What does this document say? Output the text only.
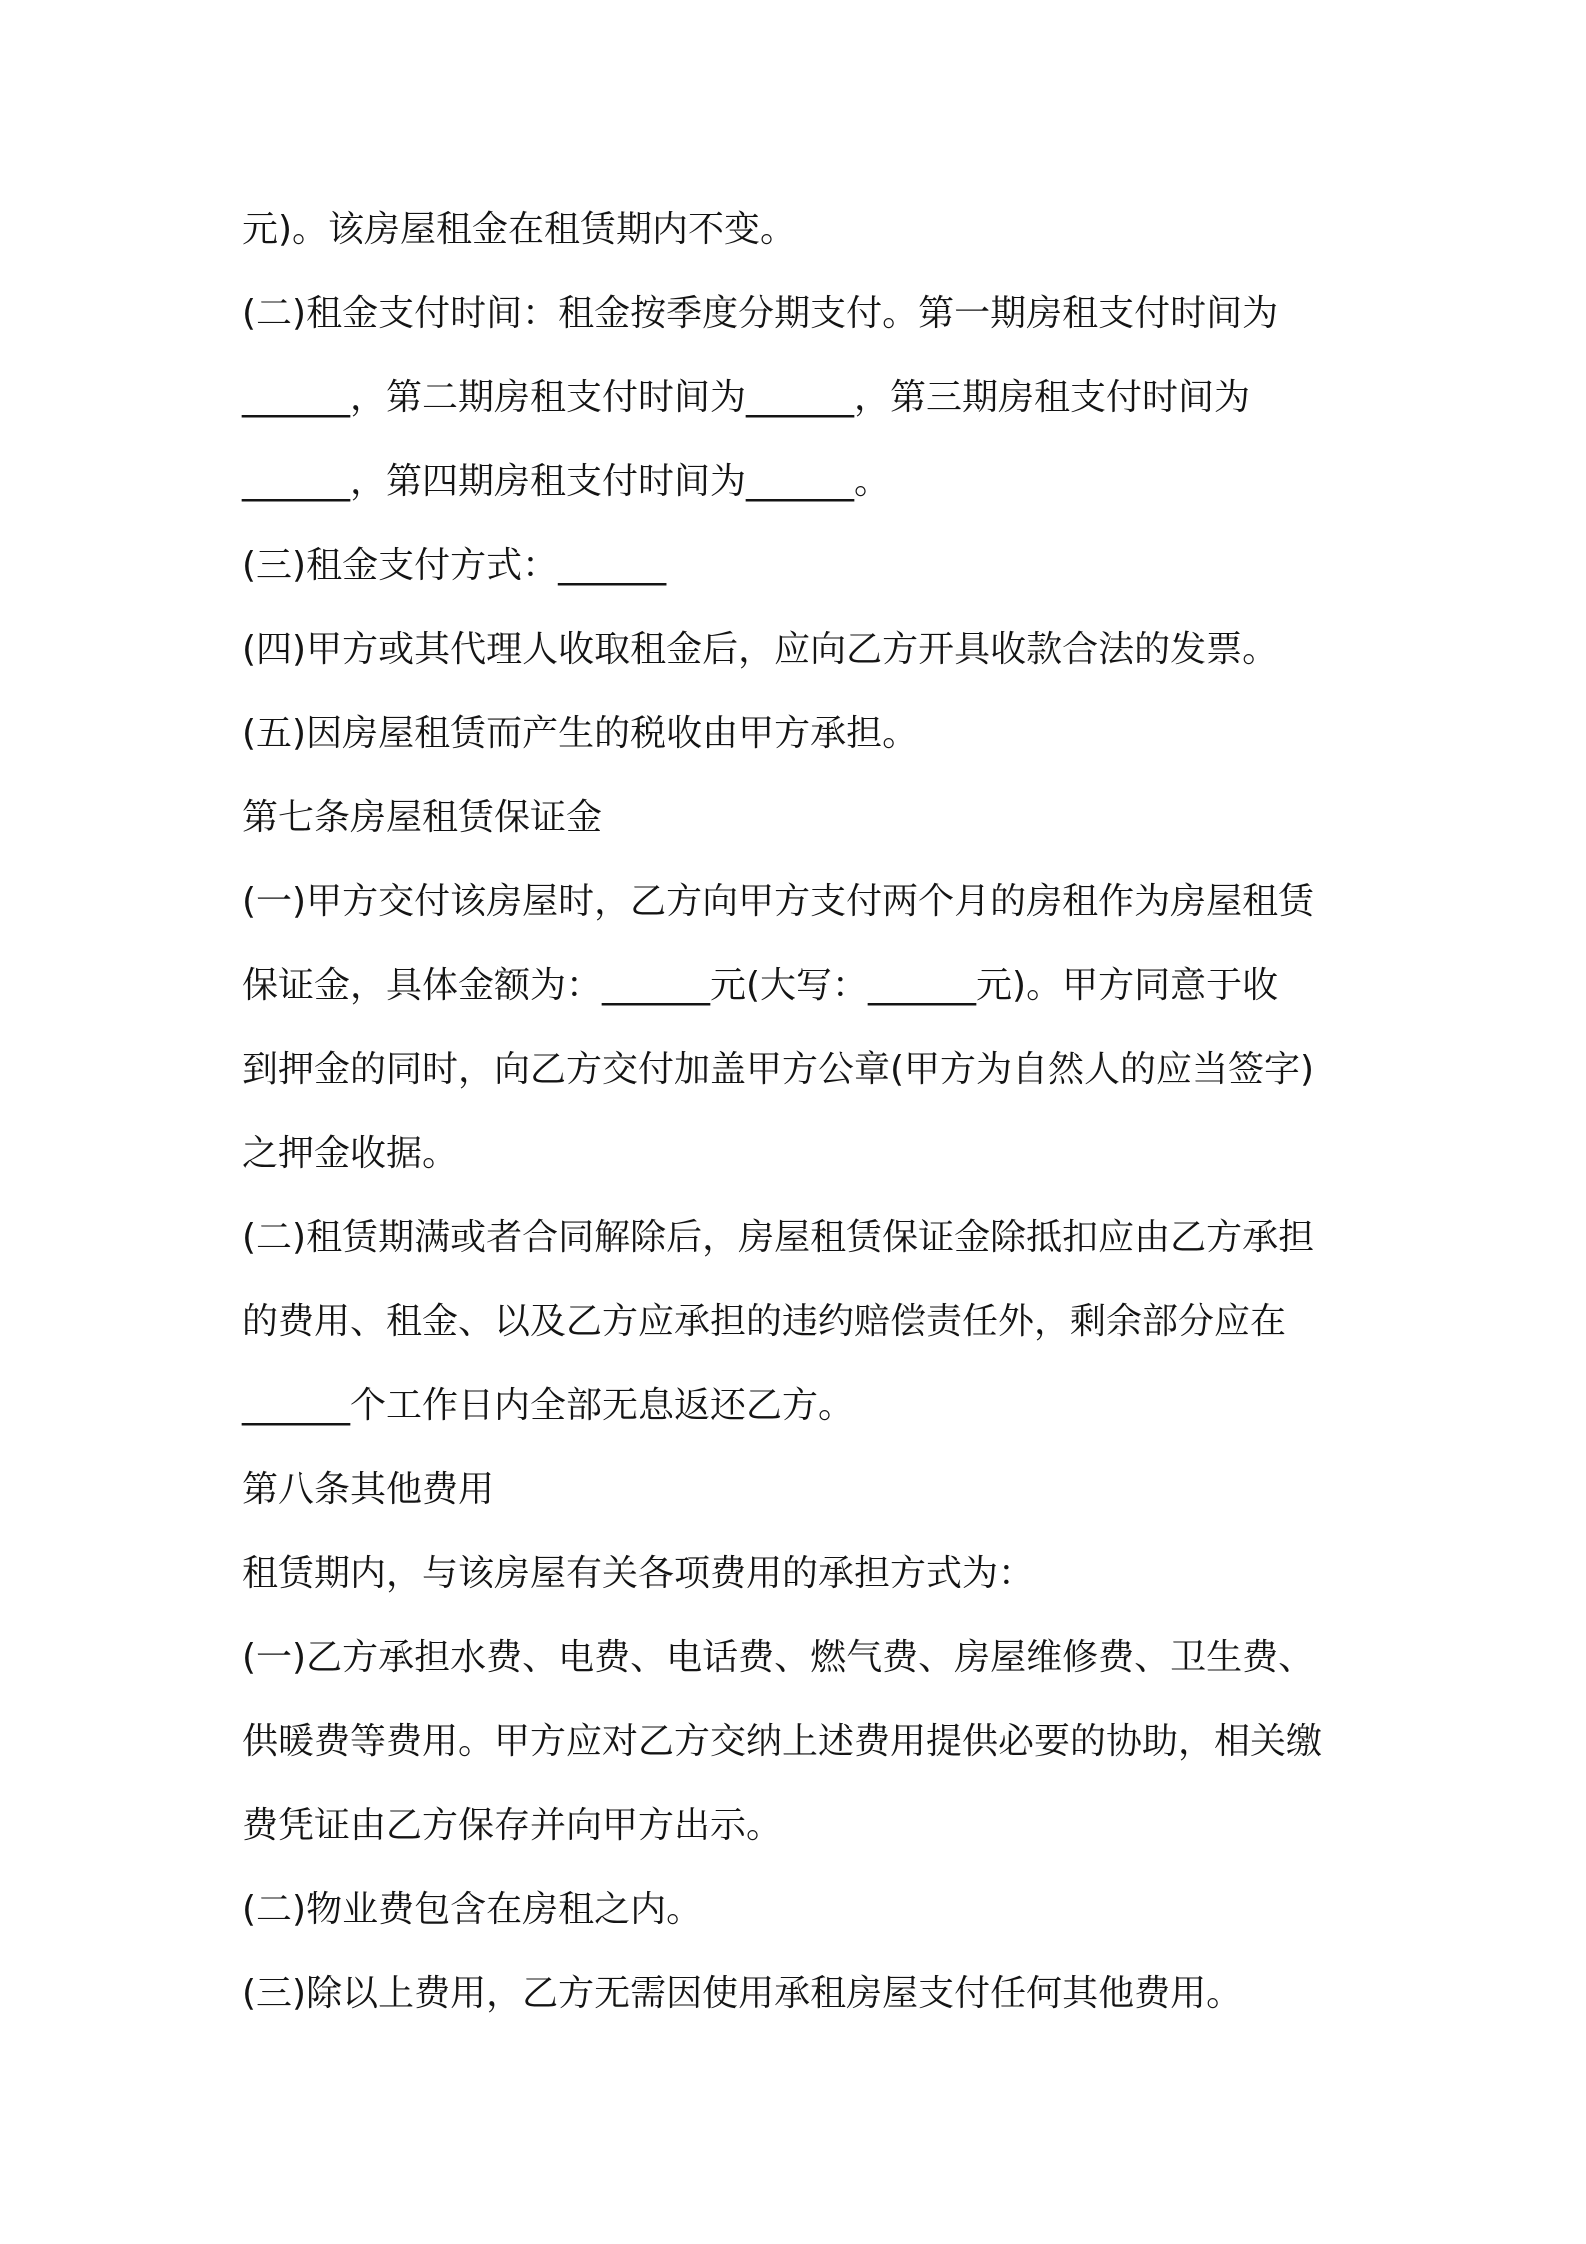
元)。该房屋租金在租赁期内不变。
(二)租金支付时间：租金按季度分期支付。第一期房租支付时间为
______，第二期房租支付时间为______，第三期房租支付时间为
______，第四期房租支付时间为______。
(三)租金支付方式：______
(四)甲方或其代理人收取租金后，应向乙方开具收款合法的发票。
(五)因房屋租赁而产生的税收由甲方承担。
第七条房屋租赁保证金
(一)甲方交付该房屋时，乙方向甲方支付两个月的房租作为房屋租赁
保证金，具体金额为：______元(大写：______元)。甲方同意于收
到押金的同时，向乙方交付加盖甲方公章(甲方为自然人的应当签字)
之押金收据。
(二)租赁期满或者合同解除后，房屋租赁保证金除抵扣应由乙方承担
的费用、租金、以及乙方应承担的违约赔偿责任外，剩余部分应在
______个工作日内全部无息返还乙方。
第八条其他费用
租赁期内，与该房屋有关各项费用的承担方式为：
(一)乙方承担水费、电费、电话费、燃气费、房屋维修费、卫生费、
供暖费等费用。甲方应对乙方交纳上述费用提供必要的协助，相关缴
费凭证由乙方保存并向甲方出示。
(二)物业费包含在房租之内。
(三)除以上费用，乙方无需因使用承租房屋支付任何其他费用。
